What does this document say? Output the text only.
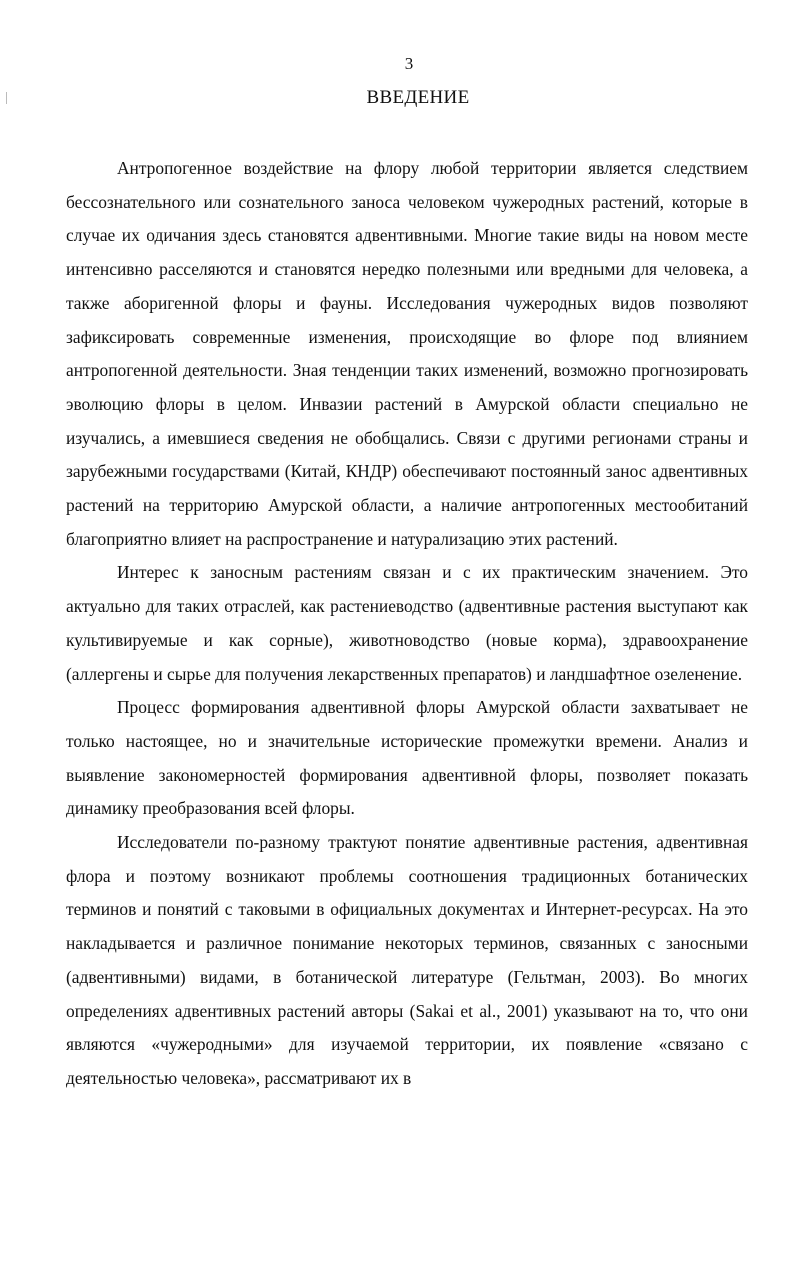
3
ВВЕДЕНИЕ

Антропогенное воздействие на флору любой территории является следствием бессознательного или сознательного заноса человеком чужеродных растений, которые в случае их одичания здесь становятся адвентивными. Многие такие виды на новом месте интенсивно расселяются и становятся нередко полезными или вредными для человека, а также аборигенной флоры и фауны. Исследования чужеродных видов позволяют зафиксировать современные изменения, происходящие во флоре под влиянием антропогенной деятельности. Зная тенденции таких изменений, возможно прогнозировать эволюцию флоры в целом. Инвазии растений в Амурской области специально не изучались, а имевшиеся сведения не обобщались. Связи с другими регионами страны и зарубежными государствами (Китай, КНДР) обеспечивают постоянный занос адвентивных растений на территорию Амурской области, а наличие антропогенных местообитаний благоприятно влияет на распространение и натурализацию этих растений.

Интерес к заносным растениям связан и с их практическим значением. Это актуально для таких отраслей, как растениеводство (адвентивные растения выступают как культивируемые и как сорные), животноводство (новые корма), здравоохранение (аллергены и сырье для получения лекарственных препаратов) и ландшафтное озеленение.

Процесс формирования адвентивной флоры Амурской области захватывает не только настоящее, но и значительные исторические промежутки времени. Анализ и выявление закономерностей формирования адвентивной флоры, позволяет показать динамику преобразования всей флоры.

Исследователи по-разному трактуют понятие адвентивные растения, адвентивная флора и поэтому возникают проблемы соотношения традиционных ботанических терминов и понятий с таковыми в официальных документах и Интернет-ресурсах. На это накладывается и различное понимание некоторых терминов, связанных с заносными (адвентивными) видами, в ботанической литературе (Гельтман, 2003). Во многих определениях адвентивных растений авторы (Sakai et al., 2001) указывают на то, что они являются «чужеродными» для изучаемой территории, их появление «связано с деятельностью человека», рассматривают их в
